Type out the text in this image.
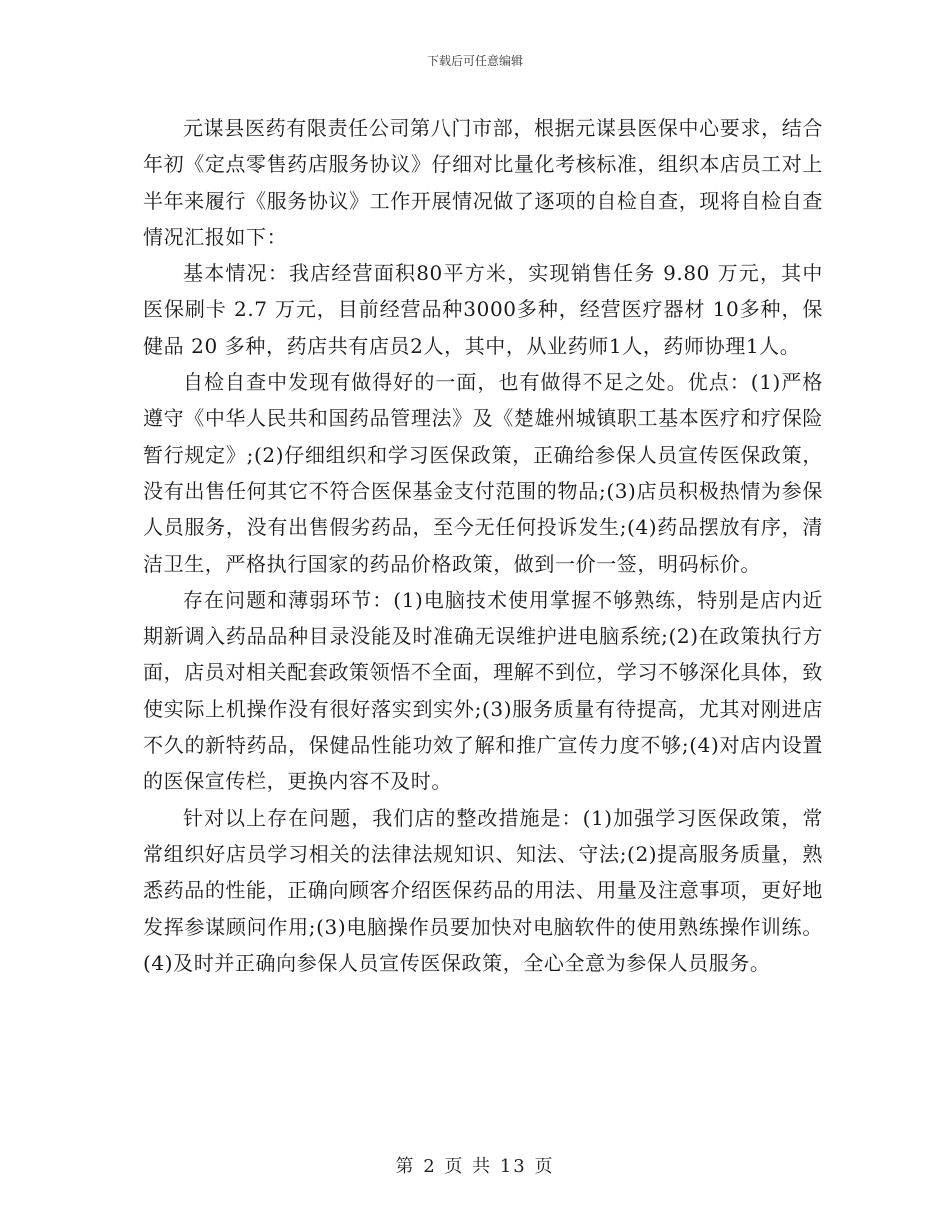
下载后可任意编辑

元谋县医药有限责任公司第八门市部，根据元谋县医保中心要求，结合年初《定点零售药店服务协议》仔细对比量化考核标准，组织本店员工对上半年来履行《服务协议》工作开展情况做了逐项的自检自查，现将自检自查情况汇报如下：

基本情况：我店经营面积80平方米，实现销售任务 9.80 万元，其中医保刷卡 2.7 万元，目前经营品种3000多种，经营医疗器材 10多种，保健品 20 多种，药店共有店员2人，其中，从业药师1人，药师协理1人。

自检自查中发现有做得好的一面，也有做得不足之处。优点：(1)严格遵守《中华人民共和国药品管理法》及《楚雄州城镇职工基本医疗和疗保险暂行规定》;(2)仔细组织和学习医保政策，正确给参保人员宣传医保政策，没有出售任何其它不符合医保基金支付范围的物品;(3)店员积极热情为参保人员服务，没有出售假劣药品，至今无任何投诉发生;(4)药品摆放有序，清洁卫生，严格执行国家的药品价格政策，做到一价一签，明码标价。

存在问题和薄弱环节：(1)电脑技术使用掌握不够熟练，特别是店内近期新调入药品品种目录没能及时准确无误维护进电脑系统;(2)在政策执行方面，店员对相关配套政策领悟不全面，理解不到位，学习不够深化具体，致使实际上机操作没有很好落实到实外;(3)服务质量有待提高，尤其对刚进店不久的新特药品，保健品性能功效了解和推广宣传力度不够;(4)对店内设置的医保宣传栏，更换内容不及时。

针对以上存在问题，我们店的整改措施是：(1)加强学习医保政策，常常组织好店员学习相关的法律法规知识、知法、守法;(2)提高服务质量，熟悉药品的性能，正确向顾客介绍医保药品的用法、用量及注意事项，更好地发挥参谋顾问作用;(3)电脑操作员要加快对电脑软件的使用熟练操作训练。(4)及时并正确向参保人员宣传医保政策，全心全意为参保人员服务。

第 2 页 共 13 页
